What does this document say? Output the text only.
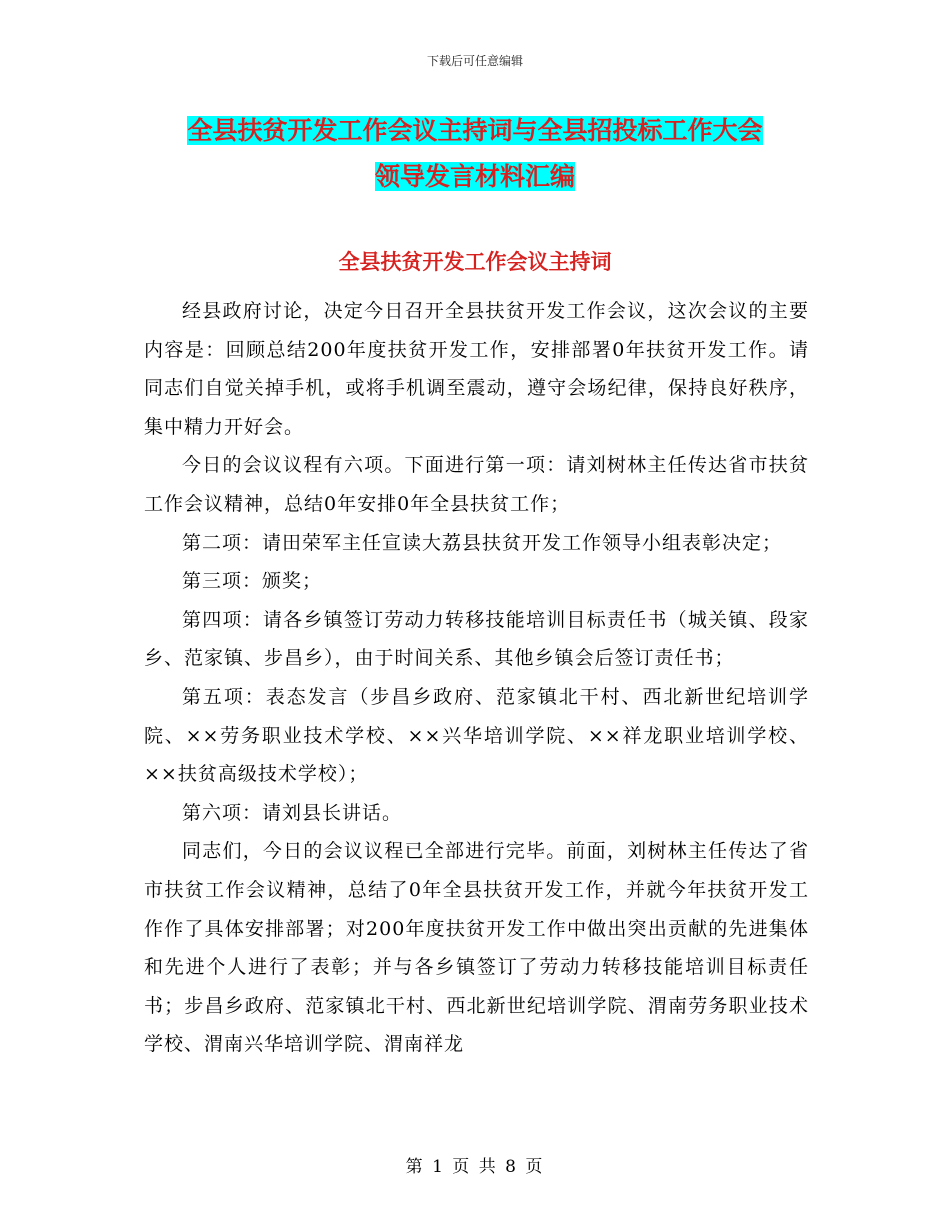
下载后可任意编辑
全县扶贫开发工作会议主持词与全县招投标工作大会
领导发言材料汇编
全县扶贫开发工作会议主持词

经县政府讨论，决定今日召开全县扶贫开发工作会议，这次会议的主要内容是：回顾总结200年度扶贫开发工作，安排部署0年扶贫开发工作。请同志们自觉关掉手机，或将手机调至震动，遵守会场纪律，保持良好秩序，集中精力开好会。

今日的会议议程有六项。下面进行第一项：请刘树林主任传达省市扶贫工作会议精神，总结0年安排0年全县扶贫工作；

第二项：请田荣军主任宣读大荔县扶贫开发工作领导小组表彰决定；

第三项：颁奖；

第四项：请各乡镇签订劳动力转移技能培训目标责任书（城关镇、段家乡、范家镇、步昌乡），由于时间关系、其他乡镇会后签订责任书；

第五项：表态发言（步昌乡政府、范家镇北干村、西北新世纪培训学院、××劳务职业技术学校、××兴华培训学院、××祥龙职业培训学校、××扶贫高级技术学校）；

第六项：请刘县长讲话。

同志们，今日的会议议程已全部进行完毕。前面，刘树林主任传达了省市扶贫工作会议精神，总结了0年全县扶贫开发工作，并就今年扶贫开发工作作了具体安排部署；对200年度扶贫开发工作中做出突出贡献的先进集体和先进个人进行了表彰；并与各乡镇签订了劳动力转移技能培训目标责任书；步昌乡政府、范家镇北干村、西北新世纪培训学院、渭南劳务职业技术学校、渭南兴华培训学院、渭南祥龙

第 1 页 共 8 页
